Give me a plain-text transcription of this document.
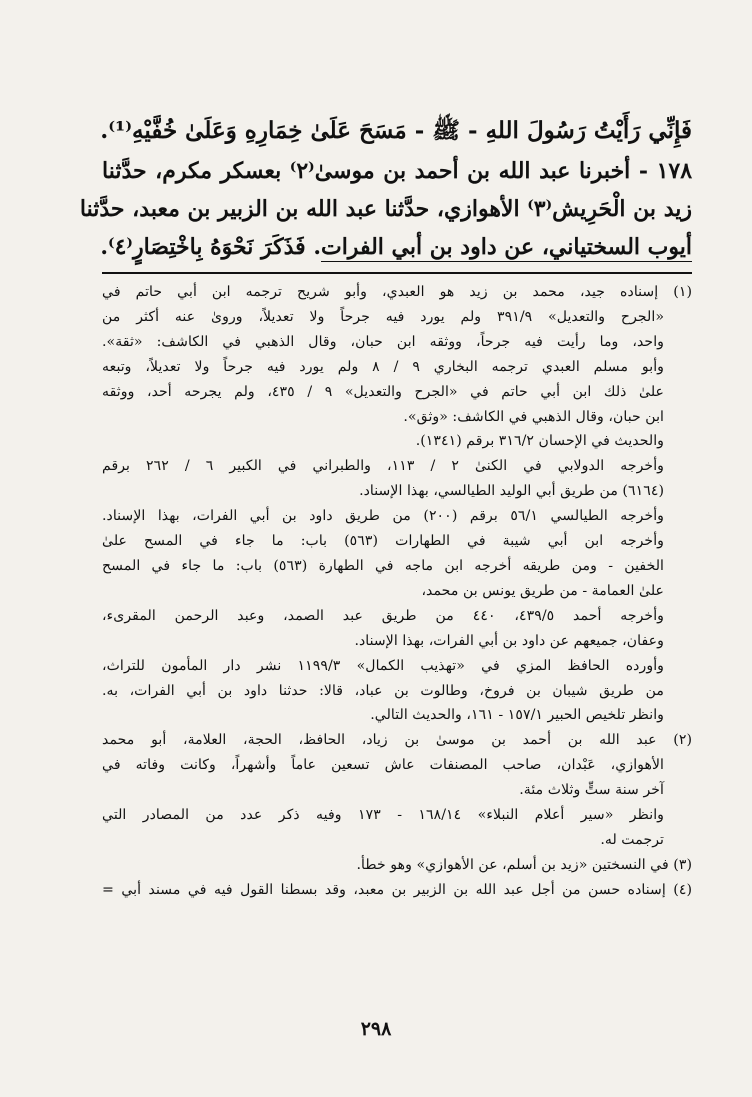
فَإِنِّي رَأَيْتُ رَسُولَ اللهِ - ﷺ - مَسَحَ عَلَىٰ خِمَارِهِ وَعَلَىٰ خُفَّيْهِ⁽¹⁾.
١٧٨ - أخبرنا عبد الله بن أحمد بن موسىٰ⁽٢⁾ بعسكر مكرم، حدَّثنا
زيد بن الْحَرِيش⁽٣⁾ الأهوازي، حدَّثنا عبد الله بن الزبير بن معبد، حدَّثنا
أيوب السختياني، عن داود بن أبي الفرات. فَذَكَرَ نَحْوَهُ بِاخْتِصَارٍ⁽٤⁾.
(١) إسناده جيد، محمد بن زيد هو العبدي، وأبو شريح ترجمه ابن أبي حاتم في
«الجرح والتعديل» ٣٩١/٩ ولم يورد فيه جرحاً ولا تعديلاً، وروىٰ عنه أكثر من
واحد، وما رأيت فيه جرحاً، ووثقه ابن حبان، وقال الذهبي في الكاشف: «ثقة».
وأبو مسلم العبدي ترجمه البخاري ٩ / ٨ ولم يورد فيه جرحاً ولا تعديلاً، وتبعه
علىٰ ذلك ابن أبي حاتم في «الجرح والتعديل» ٩ / ٤٣٥، ولم يجرحه أحد، ووثقه
ابن حبان، وقال الذهبي في الكاشف: «وثق».
والحديث في الإحسان ٣١٦/٢ برقم (١٣٤١).
وأخرجه الدولابي في الكنىٰ ٢ / ١١٣، والطبراني في الكبير ٦ / ٢٦٢ برقم
(٦١٦٤) من طريق أبي الوليد الطيالسي، بهذا الإسناد.
وأخرجه الطيالسي ٥٦/١ برقم (٢٠٠) من طريق داود بن أبي الفرات، بهذا الإسناد.
وأخرجه ابن أبي شيبة في الطهارات (٥٦٣) باب: ما جاء في المسح علىٰ
الخفين - ومن طريقه أخرجه ابن ماجه في الطهارة (٥٦٣) باب: ما جاء في المسح
علىٰ العمامة - من طريق يونس بن محمد،
وأخرجه أحمد ٤٣٩/٥، ٤٤٠ من طريق عبد الصمد، وعبد الرحمن المقرىء،
وعفان، جميعهم عن داود بن أبي الفرات، بهذا الإسناد.
وأورده الحافظ المزي في «تهذيب الكمال» ١١٩٩/٣ نشر دار المأمون للتراث،
من طريق شيبان بن فروخ، وطالوت بن عباد، قالا: حدثنا داود بن أبي الفرات، به.
وانظر تلخيص الحبير ١٥٧/١ - ١٦١، والحديث التالي.
(٢) عبد الله بن أحمد بن موسىٰ بن زياد، الحافظ، الحجة، العلامة، أبو محمد
الأهوازي، عَبْدان، صاحب المصنفات عاش تسعين عاماً وأشهراً، وكانت وفاته في
آخر سنة ستٍّ وثلاث مئة.
وانظر «سير أعلام النبلاء» ١٦٨/١٤ - ١٧٣ وفيه ذكر عدد من المصادر التي
ترجمت له.
(٣) في النسختين «زيد بن أسلم، عن الأهوازي» وهو خطأ.
(٤) إسناده حسن من أجل عبد الله بن الزبير بن معبد، وقد بسطنا القول فيه في مسند أبي =
٢٩٨
